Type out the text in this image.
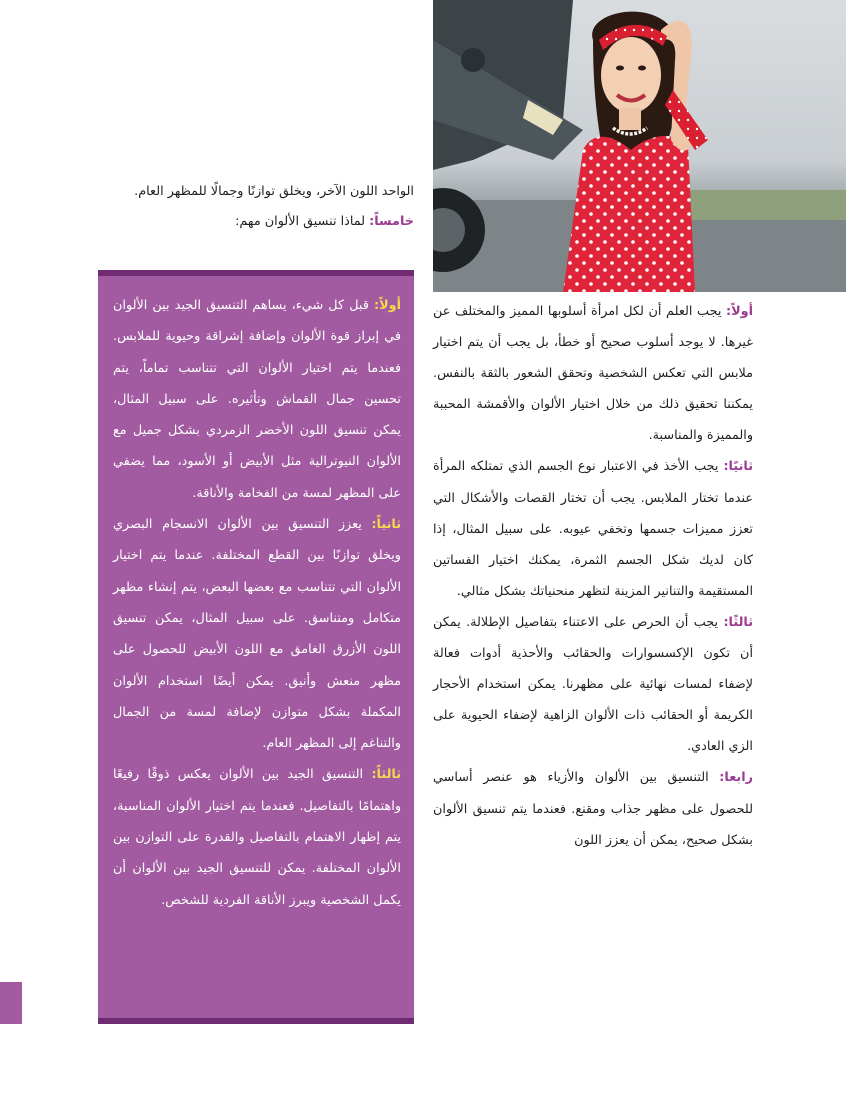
أولاً: يجب العلم أن لكل امرأة أسلوبها المميز والمختلف عن غيرها. لا يوجد أسلوب صحيح أو خطأ، بل يجب أن يتم اختيار ملابس التي تعكس الشخصية وتحقق الشعور بالثقة بالنفس. يمكننا تحقيق ذلك من خلال اختيار الألوان والأقمشة المحببة والمميزة والمناسبة.

ثانيًا: يجب الأخذ في الاعتبار نوع الجسم الذي تمتلكه المرأة عندما تختار الملابس. يجب أن تختار القصات والأشكال التي تعزز مميزات جسمها وتخفي عيوبه. على سبيل المثال، إذا كان لديك شكل الجسم الثمرة، يمكنك اختيار الفساتين المستقيمة والتنانير المزينة لتظهر منحنياتك بشكل مثالي.

ثالثًا: يجب أن الحرص على الاعتناء بتفاصيل الإطلالة. يمكن أن تكون الإكسسوارات والحقائب والأحذية أدوات فعالة لإضفاء لمسات نهائية على مظهرنا. يمكن استخدام الأحجار الكريمة أو الحقائب ذات الألوان الزاهية لإضفاء الحيوية على الزي العادي.

رابعا: التنسيق بين الألوان والأزياء هو عنصر أساسي للحصول على مظهر جذاب ومقنع. فعندما يتم تنسيق الألوان بشكل صحيح، يمكن أن يعزز اللون

الواحد اللون الآخر، ويخلق توازنًا وجمالًا للمظهر العام.

خامساً: لماذا تنسيق الألوان مهم:

أولاً: قبل كل شيء، يساهم التنسيق الجيد بين الألوان في إبراز قوة الألوان وإضافة إشراقة وحيوية للملابس. فعندما يتم اختيار الألوان التي تتناسب تماماً، يتم تحسين جمال القماش وتأثيره. على سبيل المثال، يمكن تنسيق اللون الأخضر الزمردي بشكل جميل مع الألوان النيوترالية مثل الأبيض أو الأسود، مما يضفي على المظهر لمسة من الفخامة والأناقة.

ثانياً: يعزز التنسيق بين الألوان الانسجام البصري ويخلق توازنًا بين القطع المختلفة. عندما يتم اختيار الألوان التي تتناسب مع بعضها البعض، يتم إنشاء مظهر متكامل ومتناسق. على سبيل المثال، يمكن تنسيق اللون الأزرق الغامق مع اللون الأبيض للحصول على مظهر منعش وأنيق. يمكن أيضًا استخدام الألوان المكملة بشكل متوازن لإضافة لمسة من الجمال والتناغم إلى المظهر العام.

ثالثاً: التنسيق الجيد بين الألوان يعكس ذوقًا رفيعًا واهتمامًا بالتفاصيل. فعندما يتم اختيار الألوان المناسبة، يتم إظهار الاهتمام بالتفاصيل والقدرة على التوازن بين الألوان المختلفة. يمكن للتنسيق الجيد بين الألوان أن يكمل الشخصية ويبرز الأناقة الفردية للشخص.
